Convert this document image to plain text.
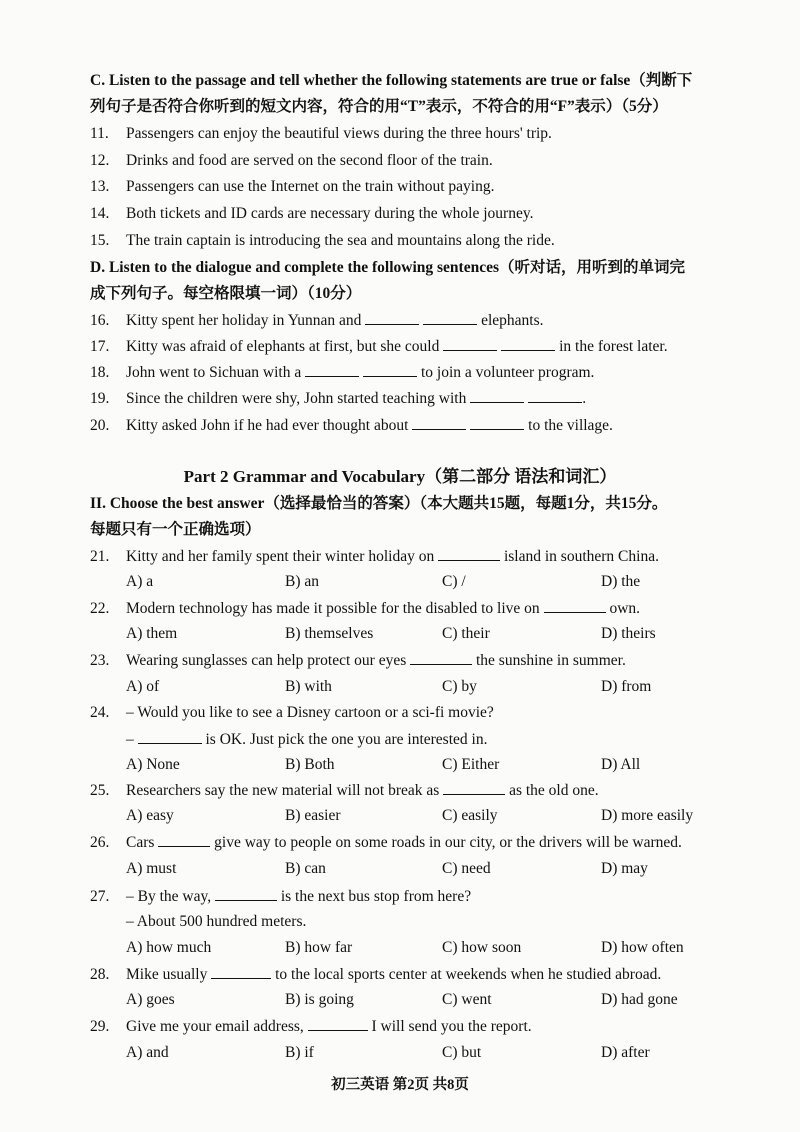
C. Listen to the passage and tell whether the following statements are true or false（判断下
列句子是否符合你听到的短文内容，符合的用“T”表示，不符合的用“F”表示）（5分）
11. Passengers can enjoy the beautiful views during the three hours' trip.
12. Drinks and food are served on the second floor of the train.
13. Passengers can use the Internet on the train without paying.
14. Both tickets and ID cards are necessary during the whole journey.
15. The train captain is introducing the sea and mountains along the ride.
D. Listen to the dialogue and complete the following sentences（听对话，用听到的单词完
成下列句子。每空格限填一词）（10分）
16. Kitty spent her holiday in Yunnan and	elephants.
17. Kitty was afraid of elephants at first, but she could	in the forest later.
18. John went to Sichuan with a	to join a volunteer program.
19. Since the children were shy, John started teaching with	.
20. Kitty asked John if he had ever thought about	to the village.
Part 2 Grammar and Vocabulary（第二部分 语法和词汇）
II. Choose the best answer（选择最恰当的答案）（本大题共15题，每题1分，共15分。
每题只有一个正确选项）
21. Kitty and her family spent their winter holiday on	island in southern China.
A) a	B) an	C) /	D) the
22. Modern technology has made it possible for the disabled to live on	own.
A) them	B) themselves	C) their	D) theirs
23. Wearing sunglasses can help protect our eyes	the sunshine in summer.
A) of	B) with	C) by	D) from
24. – Would you like to see a Disney cartoon or a sci-fi movie?
–	is OK. Just pick the one you are interested in.
A) None	B) Both	C) Either	D) All
25. Researchers say the new material will not break as	as the old one.
A) easy	B) easier	C) easily	D) more easily
26. Cars	give way to people on some roads in our city, or the drivers will be warned.
A) must	B) can	C) need	D) may
27. – By the way,	is the next bus stop from here?
– About 500 hundred meters.
A) how much	B) how far	C) how soon	D) how often
28. Mike usually	to the local sports center at weekends when he studied abroad.
A) goes	B) is going	C) went	D) had gone
29. Give me your email address,	I will send you the report.
A) and	B) if	C) but	D) after
初三英语 第2页 共8页
